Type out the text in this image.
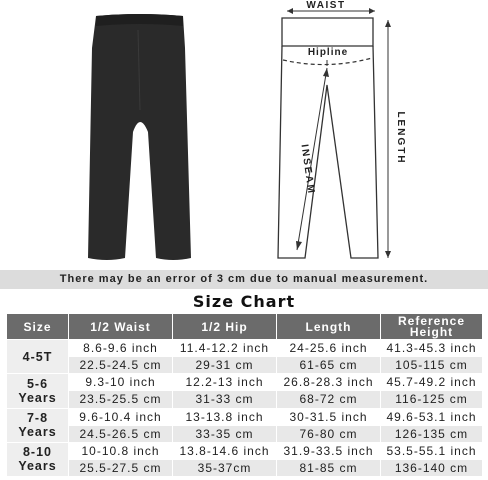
WAIST
Hipline
INSEAM
LENGTH
There may be an error of 3 cm due to manual measurement.
Size Chart
Size	1/2 Waist	1/2 Hip	Length	Reference
Height
4-5T	8.6-9.6 inch	11.4-12.2 inch	24-25.6 inch	41.3-45.3 inch
	22.5-24.5 cm	29-31 cm	61-65 cm	105-115 cm
5-6
Years	9.3-10 inch	12.2-13 inch	26.8-28.3 inch	45.7-49.2 inch
	23.5-25.5 cm	31-33 cm	68-72 cm	116-125 cm
7-8
Years	9.6-10.4 inch	13-13.8 inch	30-31.5 inch	49.6-53.1 inch
	24.5-26.5 cm	33-35 cm	76-80 cm	126-135 cm
8-10
Years	10-10.8 inch	13.8-14.6 inch	31.9-33.5 inch	53.5-55.1 inch
	25.5-27.5 cm	35-37cm	81-85 cm	136-140 cm
